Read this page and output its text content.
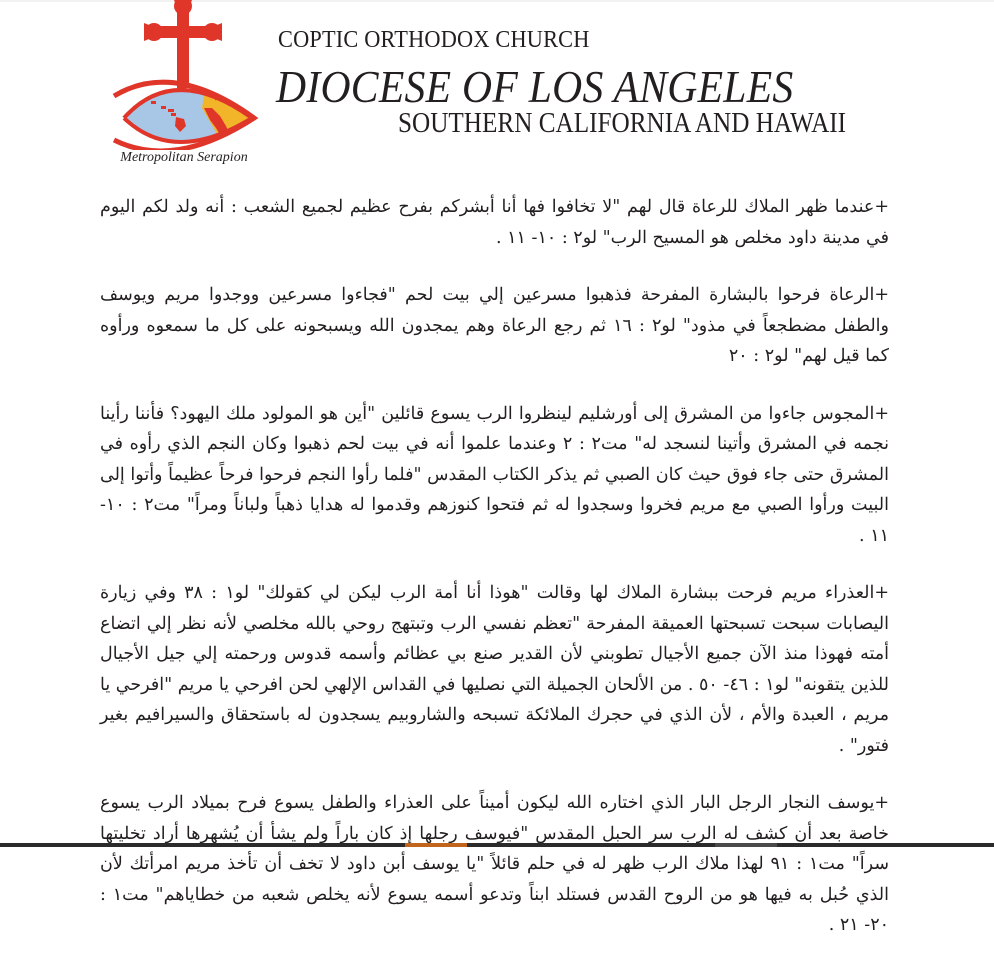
Metropolitan Serapion
COPTIC ORTHODOX CHURCH
DIOCESE OF LOS ANGELES
SOUTHERN CALIFORNIA AND HAWAII

+عندما ظهر الملاك للرعاة قال لهم "لا تخافوا فها أنا أبشركم بفرح عظيم لجميع الشعب : أنه ولد لكم اليوم في مدينة داود مخلص هو المسيح الرب" لو٢ : ١٠- ١١ .

+الرعاة فرحوا بالبشارة المفرحة فذهبوا مسرعين إلي بيت لحم "فجاءوا مسرعين ووجدوا مريم ويوسف والطفل مضطجعاً في مذود" لو٢ : ١٦ ثم رجع الرعاة وهم يمجدون الله ويسبحونه على كل ما سمعوه ورأوه كما قيل لهم" لو٢ : ٢٠

+المجوس جاءوا من المشرق إلى أورشليم لينظروا الرب يسوع قائلين "أين هو المولود ملك اليهود؟ فأننا رأينا نجمه في المشرق وأتينا لنسجد له" مت٢ : ٢ وعندما علموا أنه في بيت لحم ذهبوا وكان النجم الذي رأوه في المشرق حتى جاء فوق حيث كان الصبي ثم يذكر الكتاب المقدس "فلما رأوا النجم فرحوا فرحاً عظيماً وأتوا إلى البيت ورأوا الصبي مع مريم فخروا وسجدوا له ثم فتحوا كنوزهم وقدموا له هدايا ذهباً ولباناً ومراً" مت٢ : ١٠- ١١ .

+العذراء مريم فرحت ببشارة الملاك لها وقالت "هوذا أنا أمة الرب ليكن لي كقولك" لو١ : ٣٨ وفي زيارة اليصابات سبحت تسبحتها العميقة المفرحة "تعظم نفسي الرب وتبتهج روحي بالله مخلصي لأنه نظر إلي اتضاع أمته فهوذا منذ الآن جميع الأجيال تطوبني لأن القدير صنع بي عظائم وأسمه قدوس ورحمته إلي جيل الأجيال للذين يتقونه" لو١ : ٤٦- ٥٠ . من الألحان الجميلة التي نصليها في القداس الإلهي لحن افرحي يا مريم "افرحي يا مريم ، العبدة والأم ، لأن الذي في حجرك الملائكة تسبحه والشاروبيم يسجدون له باستحقاق والسيرافيم بغير فتور" .

+يوسف النجار الرجل البار الذي اختاره الله ليكون أميناً على العذراء والطفل يسوع فرح بميلاد الرب يسوع خاصة بعد أن كشف له الرب سر الحبل المقدس "فيوسف رجلها إذ كان باراً ولم يشأ أن يُشهرها أراد تخليتها سراً" مت١ : ٩١ لهذا ملاك الرب ظهر له في حلم قائلاً "يا يوسف أبن داود لا تخف أن تأخذ مريم امرأتك لأن الذي حُبل به فيها هو من الروح القدس فستلد ابناً وتدعو أسمه يسوع لأنه يخلص شعبه من خطاياهم" مت١ : ٢٠- ٢١ .
